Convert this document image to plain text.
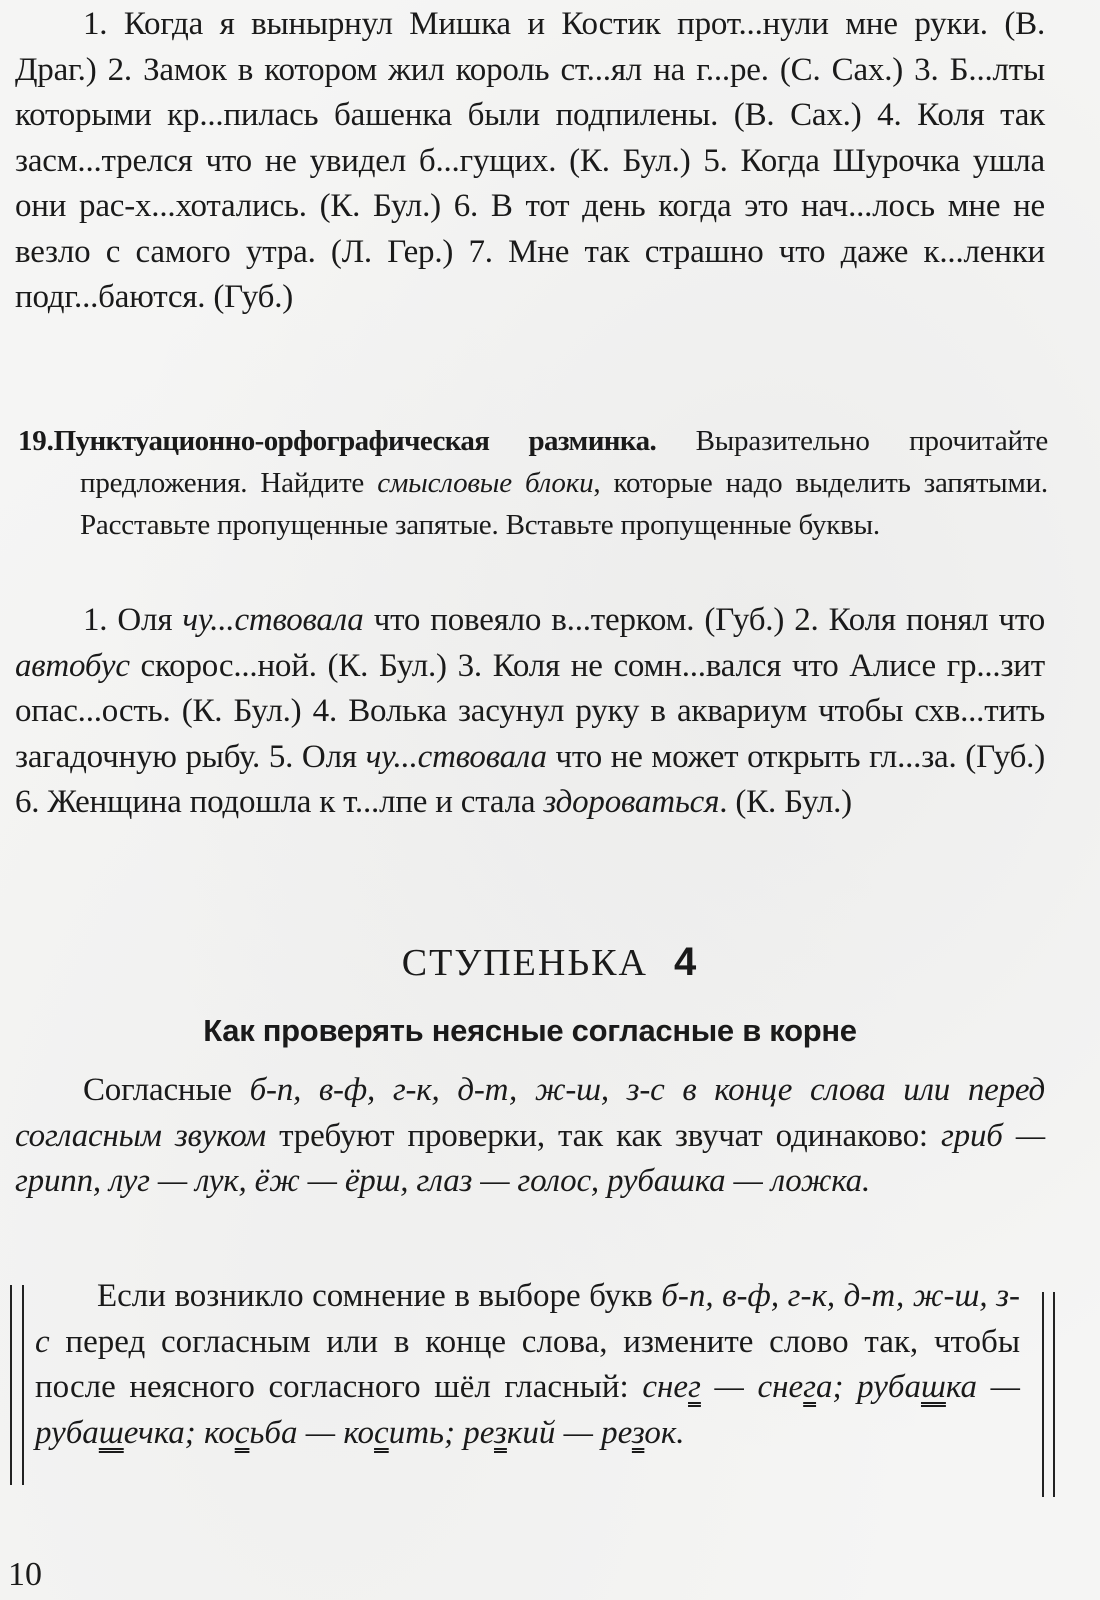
1. Когда я вынырнул Мишка и Костик прот...нули мне руки. (В. Драг.) 2. Замок в котором жил король ст...ял на г...ре. (С. Сах.) 3. Б...лты которыми кр...пилась башенка были подпилены. (В. Сах.) 4. Коля так засм...трелся что не увидел б...гущих. (К. Бул.) 5. Когда Шурочка ушла они рас-х...хотались. (К. Бул.) 6. В тот день когда это нач...лось мне не везло с самого утра. (Л. Гер.) 7. Мне так страшно что даже к...ленки подг...баются. (Губ.)

19.Пунктуационно-орфографическая разминка. Выразительно прочитайте предложения. Найдите смысловые блоки, которые надо выделить запятыми. Расставьте пропущенные запятые. Вставьте пропущенные буквы.

1. Оля чу...ствовала что повеяло в...терком. (Губ.) 2. Коля понял что автобус скорос...ной. (К. Бул.) 3. Коля не сомн...вался что Алисе гр...зит опас...ость. (К. Бул.) 4. Волька засунул руку в аквариум чтобы схв...тить загадочную рыбу. 5. Оля чу...ствовала что не может открыть гл...за. (Губ.) 6. Женщина подошла к т...лпе и стала здороваться. (К. Бул.)

СТУПЕНЬКА 4
Как проверять неясные согласные в корне

Согласные б-п, в-ф, г-к, д-т, ж-ш, з-с в конце слова или перед согласным звуком требуют проверки, так как звучат одинаково: гриб — грипп, луг — лук, ёж — ёрш, глаз — голос, рубашка — ложка.

Если возникло сомнение в выборе букв б-п, в-ф, г-к, д-т, ж-ш, з-с перед согласным или в конце слова, измените слово так, чтобы после неясного согласного шёл гласный: снег — снега; рубашка — рубашечка; косьба — косить; резкий — резок.

10
